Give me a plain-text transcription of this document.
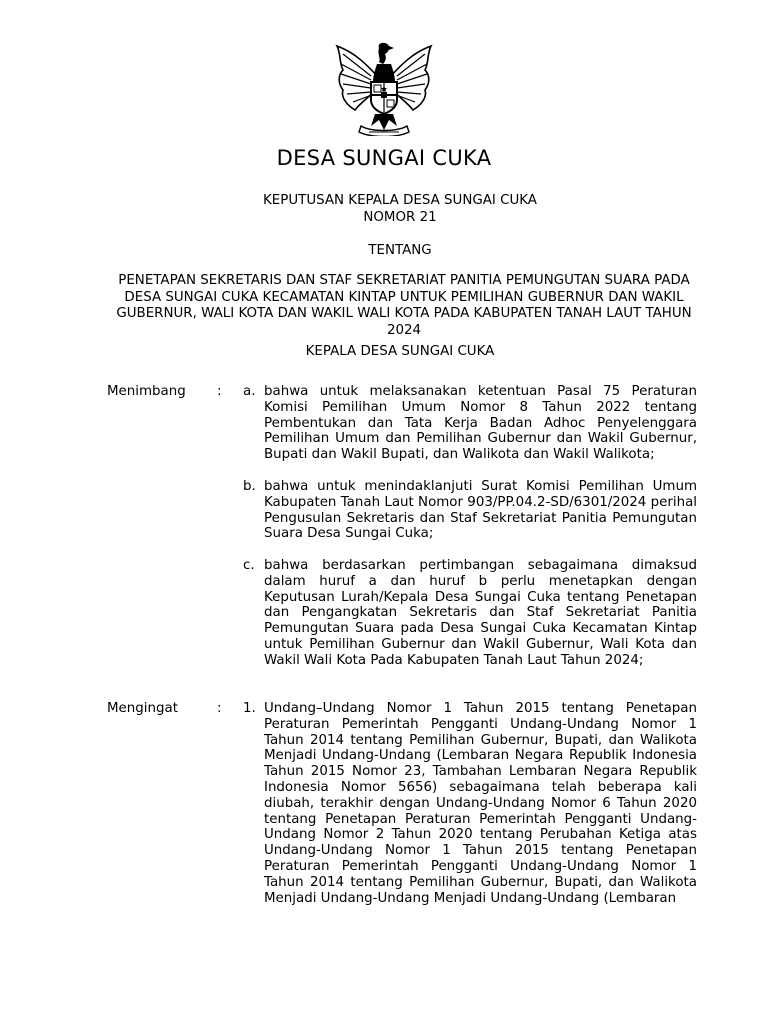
DESA SUNGAI CUKA
KEPUTUSAN KEPALA DESA SUNGAI CUKA
NOMOR 21
TENTANG
PENETAPAN SEKRETARIS DAN STAF SEKRETARIAT PANITIA PEMUNGUTAN SUARA PADA DESA SUNGAI CUKA KECAMATAN KINTAP UNTUK PEMILIHAN GUBERNUR DAN WAKIL GUBERNUR, WALI KOTA DAN WAKIL WALI KOTA PADA KABUPATEN TANAH LAUT TAHUN 2024
KEPALA DESA SUNGAI CUKA
Menimbang : a. bahwa untuk melaksanakan ketentuan Pasal 75 Peraturan Komisi Pemilihan Umum Nomor 8 Tahun 2022 tentang Pembentukan dan Tata Kerja Badan Adhoc Penyelenggara Pemilihan Umum dan Pemilihan Gubernur dan Wakil Gubernur, Bupati dan Wakil Bupati, dan Walikota dan Wakil Walikota;
b. bahwa untuk menindaklanjuti Surat Komisi Pemilihan Umum Kabupaten Tanah Laut Nomor 903/PP.04.2-SD/6301/2024 perihal Pengusulan Sekretaris dan Staf Sekretariat Panitia Pemungutan Suara Desa Sungai Cuka;
c. bahwa berdasarkan pertimbangan sebagaimana dimaksud dalam huruf a dan huruf b perlu menetapkan dengan Keputusan Lurah/Kepala Desa Sungai Cuka tentang Penetapan dan Pengangkatan Sekretaris dan Staf Sekretariat Panitia Pemungutan Suara pada Desa Sungai Cuka Kecamatan Kintap untuk Pemilihan Gubernur dan Wakil Gubernur, Wali Kota dan Wakil Wali Kota Pada Kabupaten Tanah Laut Tahun 2024;
Mengingat	: 1. Undang–Undang Nomor 1 Tahun 2015 tentang Penetapan Peraturan Pemerintah Pengganti Undang-Undang Nomor 1 Tahun 2014 tentang Pemilihan Gubernur, Bupati, dan Walikota Menjadi Undang-Undang (Lembaran Negara Republik Indonesia Tahun 2015 Nomor 23, Tambahan Lembaran Negara Republik Indonesia Nomor 5656) sebagaimana telah beberapa kali diubah, terakhir dengan Undang-Undang Nomor 6 Tahun 2020 tentang Penetapan Peraturan Pemerintah Pengganti Undang-Undang Nomor 2 Tahun 2020 tentang Perubahan Ketiga atas Undang-Undang Nomor 1 Tahun 2015 tentang Penetapan Peraturan Pemerintah Pengganti Undang-Undang Nomor 1 Tahun 2014 tentang Pemilihan Gubernur, Bupati, dan Walikota Menjadi Undang-Undang Menjadi Undang-Undang (Lembaran
